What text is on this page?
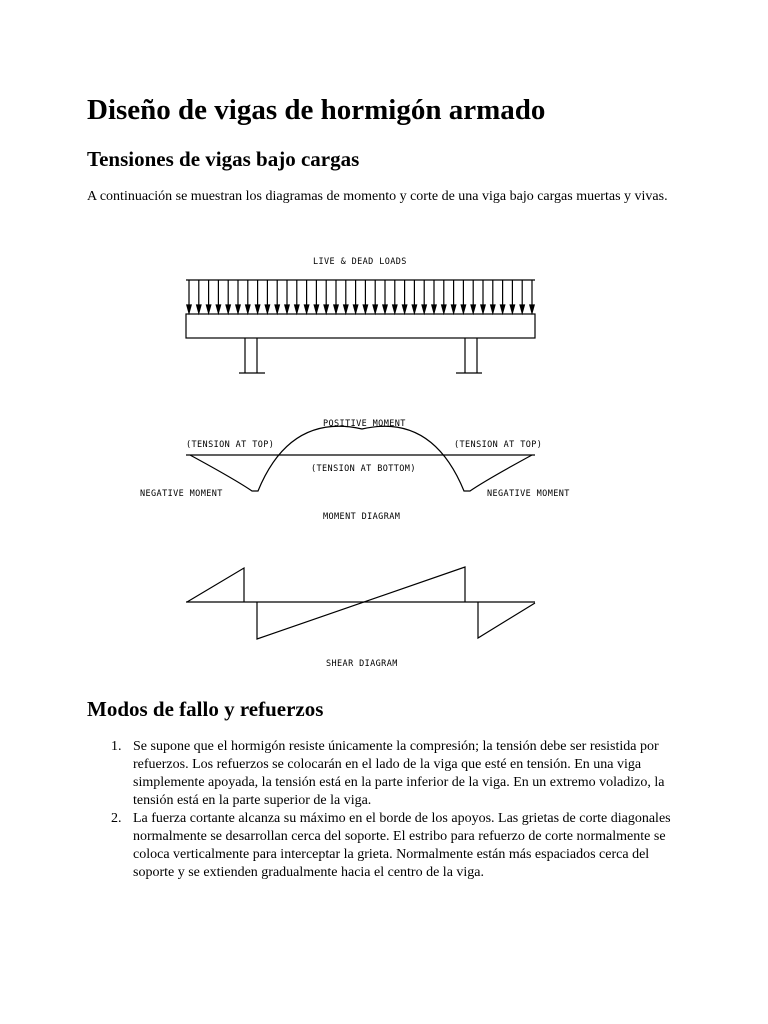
Diseño de vigas de hormigón armado
Tensiones de vigas bajo cargas

A continuación se muestran los diagramas de momento y corte de una viga bajo cargas muertas y vivas.

LIVE & DEAD LOADS
POSITIVE MOMENT
(TENSION AT TOP)	(TENSION AT TOP)
(TENSION AT BOTTOM)
NEGATIVE MOMENT	NEGATIVE MOMENT
MOMENT DIAGRAM
SHEAR DIAGRAM
Modos de fallo y refuerzos
1. Se supone que el hormigón resiste únicamente la compresión; la tensión debe ser resistida por refuerzos. Los refuerzos se colocarán en el lado de la viga que esté en tensión. En una viga simplemente apoyada, la tensión está en la parte inferior de la viga. En un extremo voladizo, la tensión está en la parte superior de la viga.
2. La fuerza cortante alcanza su máximo en el borde de los apoyos. Las grietas de corte diagonales normalmente se desarrollan cerca del soporte. El estribo para refuerzo de corte normalmente se coloca verticalmente para interceptar la grieta. Normalmente están más espaciados cerca del soporte y se extienden gradualmente hacia el centro de la viga.
